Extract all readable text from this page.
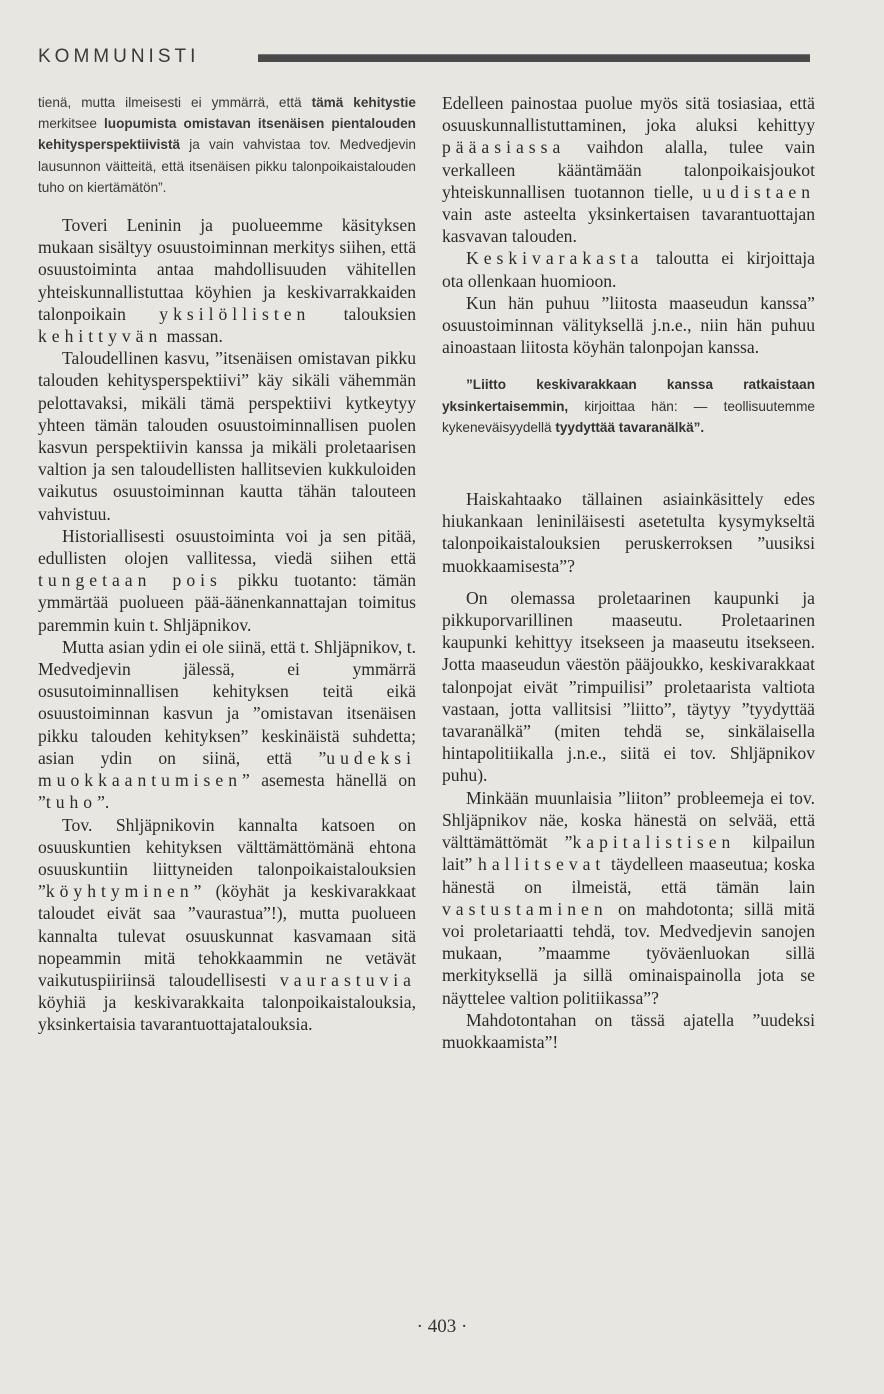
KOMMUNISTI

tienä, mutta ilmeisesti ei ymmärrä, että tämä kehitystie merkitsee luopumista omistavan itsenäisen pientalouden kehitysperspektiivistä ja vain vahvistaa tov. Medvedjevin lausunnon väitteitä, että itsenäisen pikku talonpoikaistalouden tuho on kiertämätön”.

Toveri Leninin ja puolueemme käsityksen mukaan sisältyy osuustoiminnan merkitys siihen, että osuustoiminta antaa mahdollisuuden vähitellen yhteiskunnallistuttaa köyhien ja keskivarrakkaiden talonpoikain yksilöllisten talouksien kehittyvän massan.

Taloudellinen kasvu, ”itsenäisen omistavan pikku talouden kehitysperspektiivi” käy sikäli vähemmän pelottavaksi, mikäli tämä perspektiivi kytkeytyy yhteen tämän talouden osuustoiminnallisen puolen kasvun perspektiivin kanssa ja mikäli proletaarisen valtion ja sen taloudellisten hallitsevien kukkuloiden vaikutus osuustoiminnan kautta tähän talouteen vahvistuu.

Historiallisesti osuustoiminta voi ja sen pitää, edullisten olojen vallitessa, viedä siihen että tungetaan pois pikku tuotanto: tämän ymmärtää puolueen pää-äänenkannattajan toimitus paremmin kuin t. Shljäpnikov.

Mutta asian ydin ei ole siinä, että t. Shljäpnikov, t. Medvedjevin jälessä, ei ymmärrä osusutoiminnallisen kehityksen teitä eikä osuustoiminnan kasvun ja ”omistavan itsenäisen pikku talouden kehityksen” keskinäistä suhdetta; asian ydin on siinä, että ”uudeksi muokkaantumisen” asemesta hänellä on ”tuho”.

Tov. Shljäpnikovin kannalta katsoen on osuuskuntien kehityksen välttämättömänä ehtona osuuskuntiin liittyneiden talonpoikaistalouksien ”köyhtyminen” (köyhät ja keskivarakkaat taloudet eivät saa ”vaurastua”!), mutta puolueen kannalta tulevat osuuskunnat kasvamaan sitä nopeammin mitä tehokkaammin ne vetävät vaikutuspiiriinsä taloudellisesti vaurastuvia köyhiä ja keskivarakkaita talonpoikaistalouksia, yksinkertaisia tavarantuottajatalouksia.

Edelleen painostaa puolue myös sitä tosiasiaa, että osuuskunnallistuttaminen, joka aluksi kehittyy pääasiassa vaihdon alalla, tulee vain verkalleen kääntämään talonpoikaisjoukot yhteiskunnallisen tuotannon tielle, uudistaen vain aste asteelta yksinkertaisen tavarantuottajan kasvavan talouden.

Keskivarakasta taloutta ei kirjoittaja ota ollenkaan huomioon.

Kun hän puhuu ”liitosta maaseudun kanssa” osuustoiminnan välityksellä j.n.e., niin hän puhuu ainoastaan liitosta köyhän talonpojan kanssa.

”Liitto keskivarakkaan kanssa ratkaistaan yksinkertaisemmin, kirjoittaa hän: — teollisuutemme kykeneväisyydellä tyydyttää tavaranälkä”.

Haiskahtaako tällainen asiainkäsittely edes hiukankaan leniniläisesti asetetulta kysymykseltä talonpoikaistalouksien peruskerroksen ”uusiksi muokkaamisesta”?

On olemassa proletaarinen kaupunki ja pikkuporvarillinen maaseutu. Proletaarinen kaupunki kehittyy itsekseen ja maaseutu itsekseen. Jotta maaseudun väestön pääjoukko, keskivarakkaat talonpojat eivät ”rimpuilisi” proletaarista valtiota vastaan, jotta vallitsisi ”liitto”, täytyy ”tyydyttää tavaranälkä” (miten tehdä se, sinkälaisella hintapolitiikalla j.n.e., siitä ei tov. Shljäpnikov puhu).

Minkään muunlaisia ”liiton” probleemeja ei tov. Shljäpnikov näe, koska hänestä on selvää, että välttämättömät ”kapitalistisen kilpailun lait” hallitsevat täydelleen maaseutua; koska hänestä on ilmeistä, että tämän lain vastustaminen on mahdotonta; sillä mitä voi proletariaatti tehdä, tov. Medvedjevin sanojen mukaan, ”maamme työväenluokan sillä merkityksellä ja sillä ominaispainolla jota se näyttelee valtion politiikassa”?

Mahdotontahan on tässä ajatella ”uudeksi muokkaamista”!

· 403 ·
